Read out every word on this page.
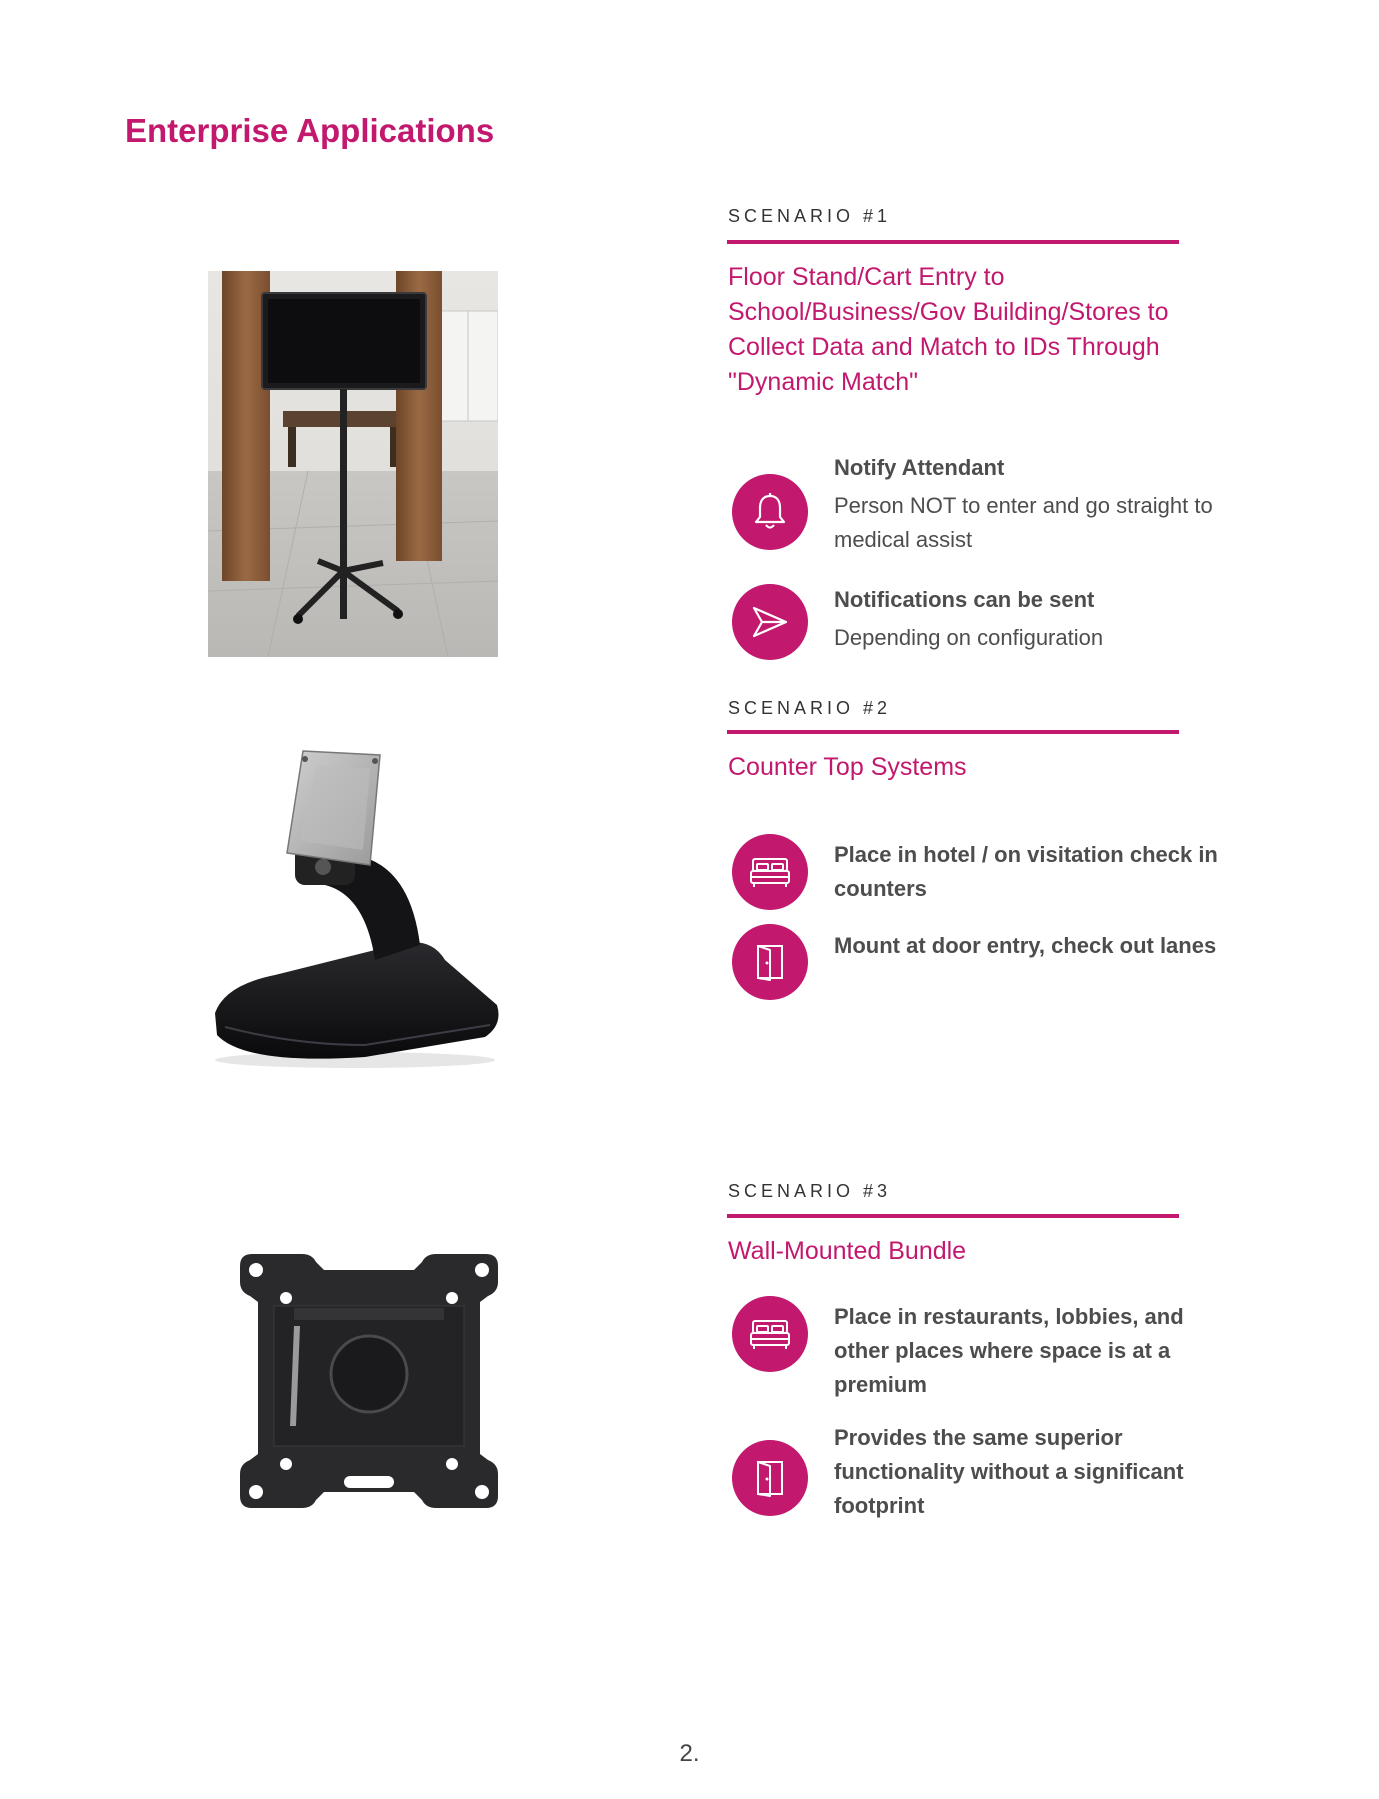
Enterprise Applications
SCENARIO #1
Floor Stand/Cart Entry to School/Business/Gov Building/Stores to Collect Data and Match to IDs Through "Dynamic Match"
Notify Attendant
Person NOT to enter and go straight to medical assist
Notifications can be sent
Depending on configuration
SCENARIO #2
Counter Top Systems
Place in hotel / on visitation check in counters
Mount at door entry, check out lanes
SCENARIO #3
Wall-Mounted Bundle
Place in restaurants, lobbies, and other places where space is at a premium
Provides the same superior functionality without a significant footprint
2.
